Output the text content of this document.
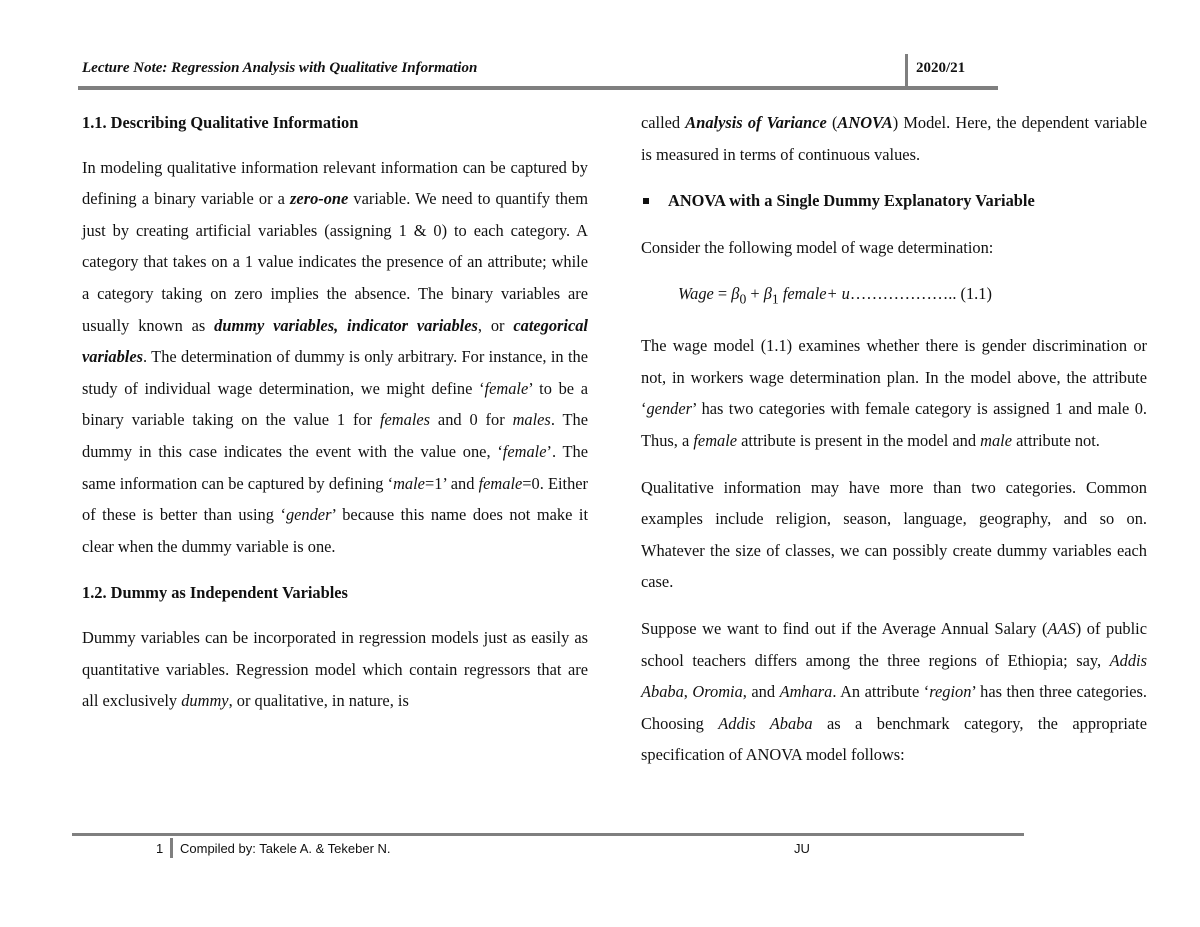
Lecture Note: Regression Analysis with Qualitative Information	2020/21

1.1. Describing Qualitative Information

In modeling qualitative information relevant information can be captured by defining a binary variable or a zero-one variable. We need to quantify them just by creating artificial variables (assigning 1 & 0) to each category. A category that takes on a 1 value indicates the presence of an attribute; while a category taking on zero implies the absence. The binary variables are usually known as dummy variables, indicator variables, or categorical variables. The determination of dummy is only arbitrary. For instance, in the study of individual wage determination, we might define ‘female’ to be a binary variable taking on the value 1 for females and 0 for males. The dummy in this case indicates the event with the value one, ‘female’. The same information can be captured by defining ‘male=1’ and female=0. Either of these is better than using ‘gender’ because this name does not make it clear when the dummy variable is one.

1.2. Dummy as Independent Variables

Dummy variables can be incorporated in regression models just as easily as quantitative variables. Regression model which contain regressors that are all exclusively dummy, or qualitative, in nature, is

called Analysis of Variance (ANOVA) Model. Here, the dependent variable is measured in terms of continuous values.

ANOVA with a Single Dummy Explanatory Variable

Consider the following model of wage determination:

Wage = $\beta_0 + \beta_1$ female+ u……………….. (1.1)

The wage model (1.1) examines whether there is gender discrimination or not, in workers wage determination plan. In the model above, the attribute ‘gender’ has two categories with female category is assigned 1 and male 0. Thus, a female attribute is present in the model and male attribute not.

Qualitative information may have more than two categories. Common examples include religion, season, language, geography, and so on. Whatever the size of classes, we can possibly create dummy variables each case.

Suppose we want to find out if the Average Annual Salary (AAS) of public school teachers differs among the three regions of Ethiopia; say, Addis Ababa, Oromia, and Amhara. An attribute ‘region’ has then three categories. Choosing Addis Ababa as a benchmark category, the appropriate specification of ANOVA model follows:

1 Compiled by: Takele A. & Tekeber N.	JU
